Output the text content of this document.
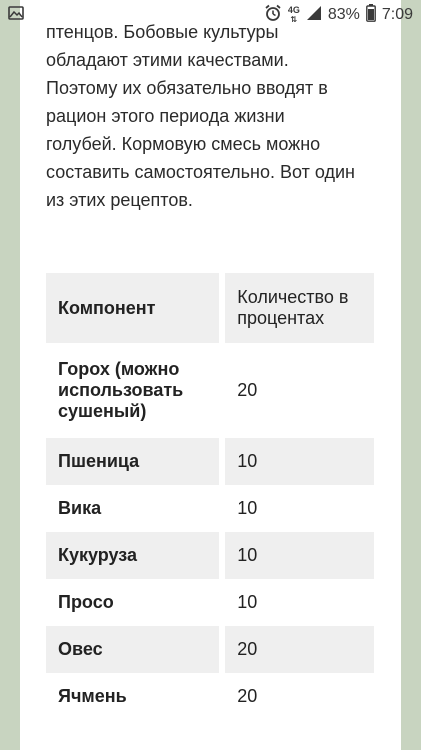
4G
⇅ 83% 7:09

птенцов. Бобовые культуры
обладают этими качествами.
Поэтому их обязательно вводят в
рацион этого периода жизни
голубей. Кормовую смесь можно
составить самостоятельно. Вот один
из этих рецептов.

Компонент	Количество в процентах
Горох (можно использовать сушеный)	20
Пшеница	10
Вика	10
Кукуруза	10
Просо	10
Овес	20
Ячмень	20
